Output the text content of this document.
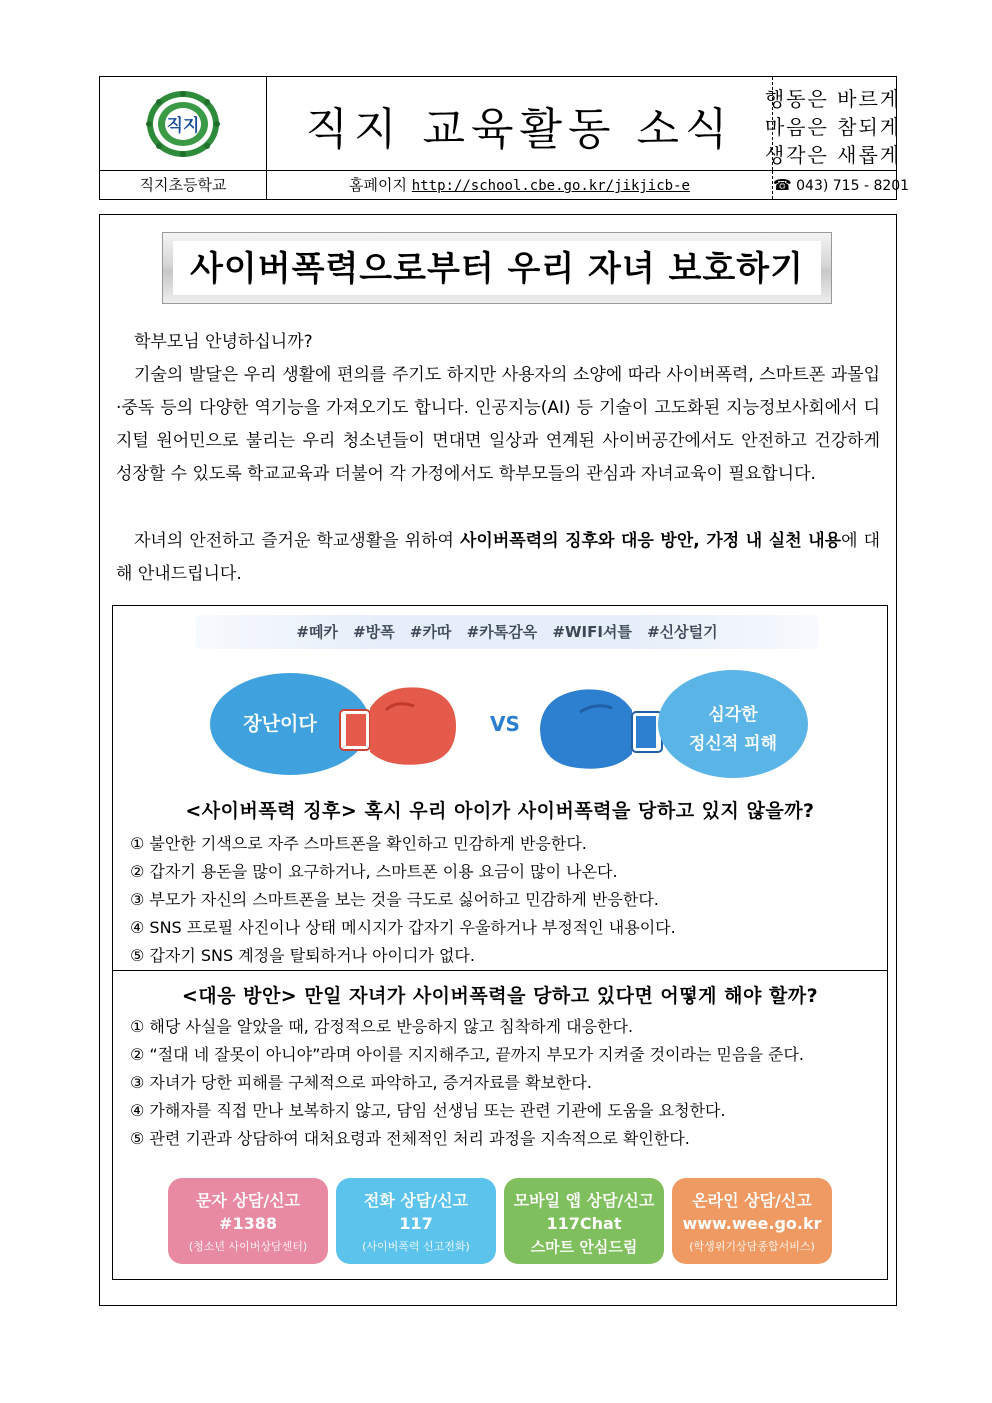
직지	직지 교육활동 소식
행동은 바르게
마음은 참되게
생각은 새롭게
직지초등학교	홈페이지 http://school.cbe.go.kr/jikjicb-e	☎ 043) 715 - 8201
사이버폭력으로부터 우리 자녀 보호하기
학부모님 안녕하십니까?
기술의 발달은 우리 생활에 편의를 주기도 하지만 사용자의 소양에 따라 사이버폭력, 스마트폰 과몰입·중독 등의 다양한 역기능을 가져오기도 합니다. 인공지능(AI) 등 기술이 고도화된 지능정보사회에서 디지털 원어민으로 불리는 우리 청소년들이 면대면 일상과 연계된 사이버공간에서도 안전하고 건강하게 성장할 수 있도록 학교교육과 더불어 각 가정에서도 학부모들의 관심과 자녀교육이 필요합니다.
자녀의 안전하고 즐거운 학교생활을 위하여 사이버폭력의 징후와 대응 방안, 가정 내 실천 내용에 대해 안내드립니다.
#떼카 #방폭 #카따 #카톡감옥 #WIFI셔틀 #신상털기
장난이다	VS	심각한
정신적 피해
<사이버폭력 징후> 혹시 우리 아이가 사이버폭력을 당하고 있지 않을까?
① 불안한 기색으로 자주 스마트폰을 확인하고 민감하게 반응한다.
② 갑자기 용돈을 많이 요구하거나, 스마트폰 이용 요금이 많이 나온다.
③ 부모가 자신의 스마트폰을 보는 것을 극도로 싫어하고 민감하게 반응한다.
④ SNS 프로필 사진이나 상태 메시지가 갑자기 우울하거나 부정적인 내용이다.
⑤ 갑자기 SNS 계정을 탈퇴하거나 아이디가 없다.
<대응 방안> 만일 자녀가 사이버폭력을 당하고 있다면 어떻게 해야 할까?
① 해당 사실을 알았을 때, 감정적으로 반응하지 않고 침착하게 대응한다.
② “절대 네 잘못이 아니야”라며 아이를 지지해주고, 끝까지 부모가 지켜줄 것이라는 믿음을 준다.
③ 자녀가 당한 피해를 구체적으로 파악하고, 증거자료를 확보한다.
④ 가해자를 직접 만나 보복하지 않고, 담임 선생님 또는 관련 기관에 도움을 요청한다.
⑤ 관련 기관과 상담하여 대처요령과 전체적인 처리 과정을 지속적으로 확인한다.
문자 상담/신고
#1388
(청소년 사이버상담센터)
전화 상담/신고
117
(사이버폭력 신고전화)
모바일 앱 상담/신고
117Chat
스마트 안심드림
온라인 상담/신고
www.wee.go.kr
(학생위기상담종합서비스)
